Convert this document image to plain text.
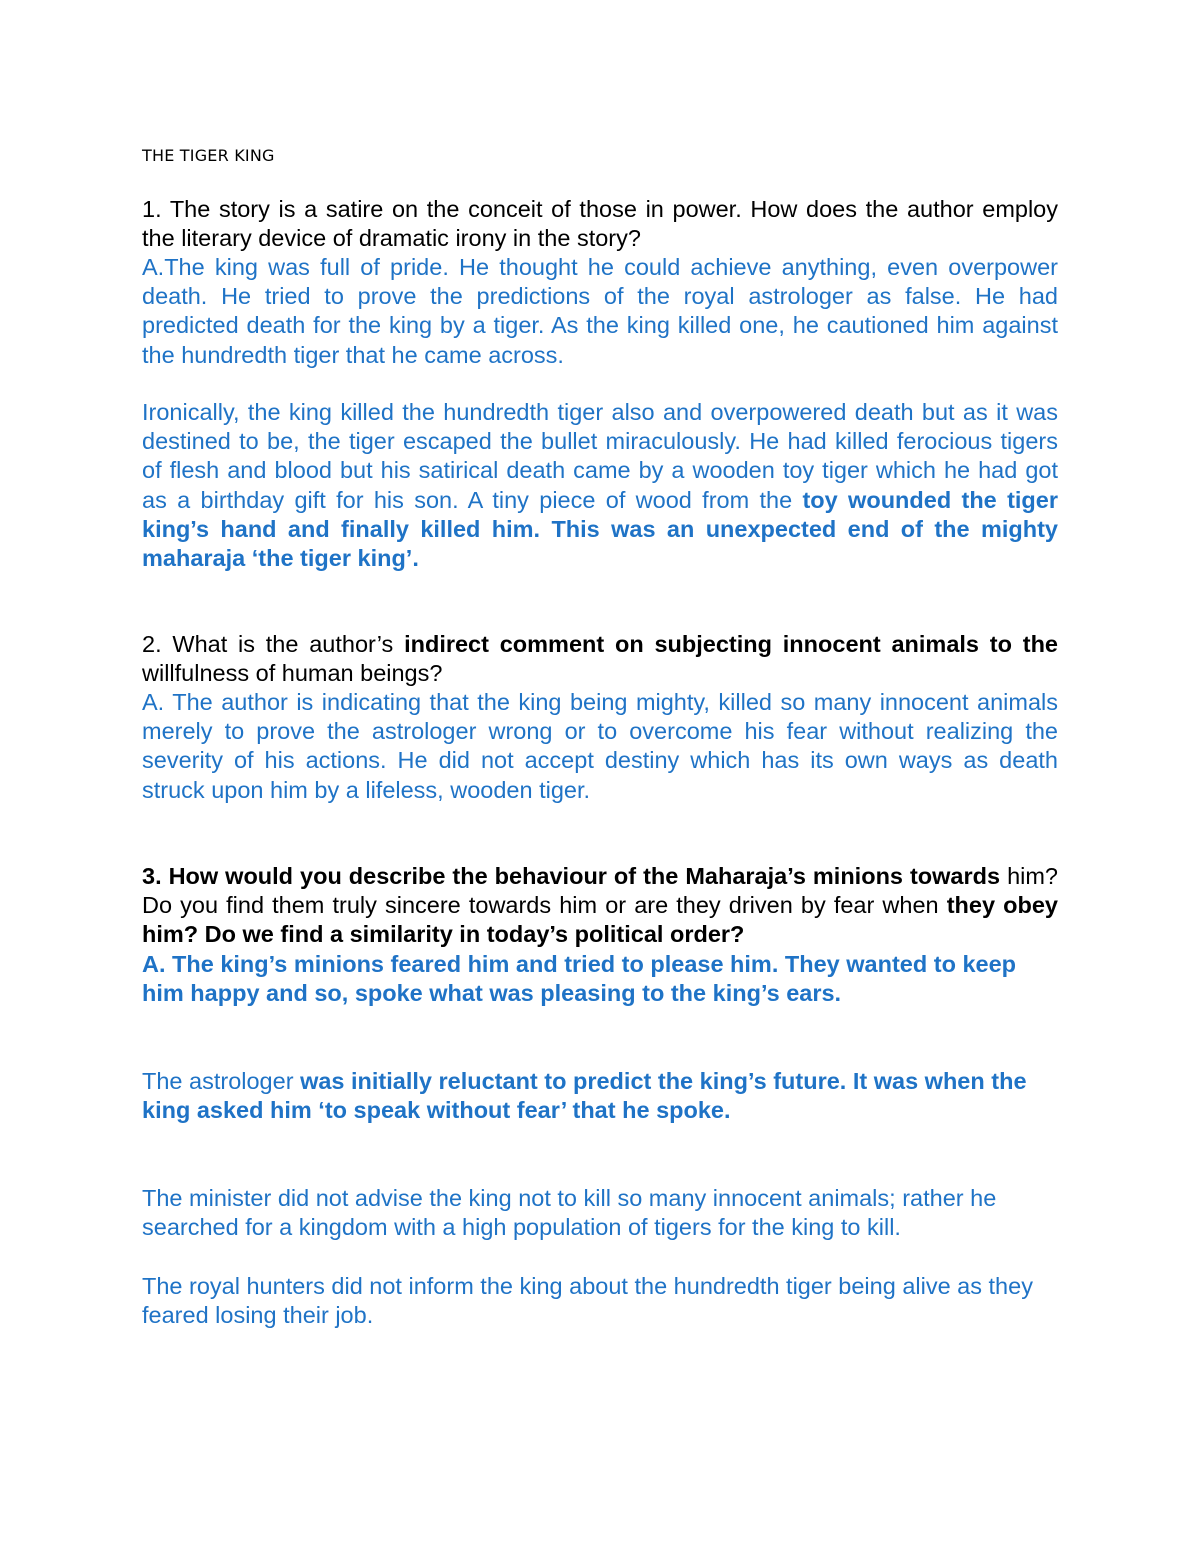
THE TIGER KING

1. The story is a satire on the conceit of those in power. How does the author employ the literary device of dramatic irony in the story?

A.The king was full of pride. He thought he could achieve anything, even overpower death. He tried to prove the predictions of the royal astrologer as false. He had predicted death for the king by a tiger. As the king killed one, he cautioned him against the hundredth tiger that he came across.

Ironically, the king killed the hundredth tiger also and overpowered death but as it was destined to be, the tiger escaped the bullet miraculously. He had killed ferocious tigers of flesh and blood but his satirical death came by a wooden toy tiger which he had got as a birthday gift for his son. A tiny piece of wood from the toy wounded the tiger king’s hand and finally killed him. This was an unexpected end of the mighty maharaja ‘the tiger king’.

2. What is the author’s indirect comment on subjecting innocent animals to the willfulness of human beings?

A. The author is indicating that the king being mighty, killed so many innocent animals merely to prove the astrologer wrong or to overcome his fear without realizing the severity of his actions. He did not accept destiny which has its own ways as death struck upon him by a lifeless, wooden tiger.

3. How would you describe the behaviour of the Maharaja’s minions towards him? Do you find them truly sincere towards him or are they driven by fear when they obey him? Do we find a similarity in today’s political order?

A. The king’s minions feared him and tried to please him. They wanted to keep him happy and so, spoke what was pleasing to the king’s ears.

The astrologer was initially reluctant to predict the king’s future. It was when the king asked him ‘to speak without fear’ that he spoke.

The minister did not advise the king not to kill so many innocent animals; rather he searched for a kingdom with a high population of tigers for the king to kill.

The royal hunters did not inform the king about the hundredth tiger being alive as they feared losing their job.
